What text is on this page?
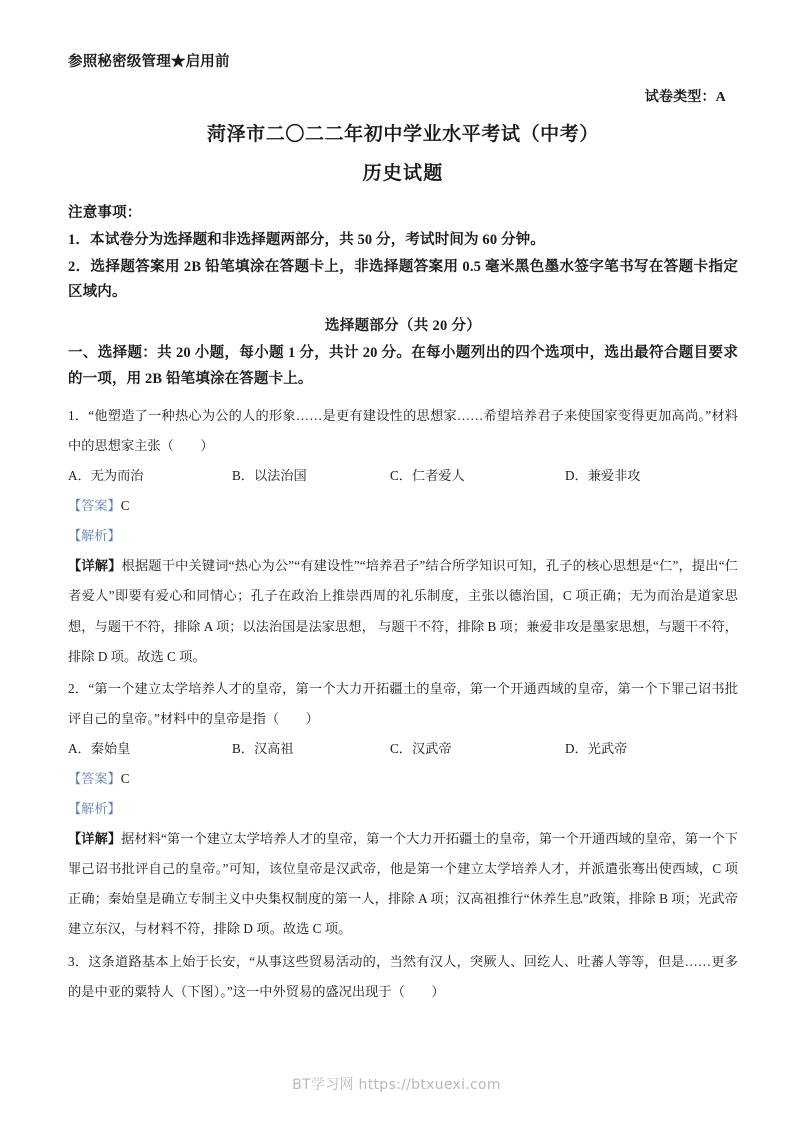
参照秘密级管理★启用前
试卷类型：A
菏泽市二〇二二年初中学业水平考试（中考）
历史试题
注意事项：
1．本试卷分为选择题和非选择题两部分，共 50 分，考试时间为 60 分钟。
2．选择题答案用 2B 铅笔填涂在答题卡上，非选择题答案用 0.5 毫米黑色墨水签字笔书写在答题卡指定区域内。
选择题部分（共 20 分）
一、选择题：共 20 小题，每小题 1 分，共计 20 分。在每小题列出的四个选项中，选出最符合题目要求的一项，用 2B 铅笔填涂在答题卡上。

1．“他塑造了一种热心为公的人的形象……是更有建设性的思想家……希望培养君子来使国家变得更加高尚。”材料中的思想家主张（　　）

A．无为而治	B．以法治国	C．仁者爱人	D．兼爱非攻

【答案】C

【解析】

【详解】根据题干中关键词“热心为公”“有建设性”“培养君子”结合所学知识可知，孔子的核心思想是“仁”，提出“仁者爱人”即要有爱心和同情心；孔子在政治上推崇西周的礼乐制度，主张以德治国，C 项正确；无为而治是道家思想，与题干不符，排除 A 项；以法治国是法家思想， 与题干不符，排除 B 项；兼爱非攻是墨家思想，与题干不符，排除 D 项。故选 C 项。

2．“第一个建立太学培养人才的皇帝，第一个大力开拓疆土的皇帝，第一个开通西域的皇帝，第一个下罪己诏书批评自己的皇帝。”材料中的皇帝是指（　　）

A．秦始皇	B．汉高祖	C．汉武帝	D．光武帝

【答案】C

【解析】

【详解】据材料“第一个建立太学培养人才的皇帝，第一个大力开拓疆土的皇帝，第一个开通西域的皇帝，第一个下罪己诏书批评自己的皇帝。”可知，该位皇帝是汉武帝，他是第一个建立太学培养人才，并派遣张骞出使西域，C 项正确；秦始皇是确立专制主义中央集权制度的第一人，排除 A 项；汉高祖推行“休养生息”政策，排除 B 项；光武帝建立东汉，与材料不符，排除 D 项。故选 C 项。

3．这条道路基本上始于长安，“从事这些贸易活动的，当然有汉人，突厥人、回纥人、吐蕃人等等，但是……更多的是中亚的粟特人（下图）。”这一中外贸易的盛况出现于（　　）

BT学习网 https://btxuexi.com
